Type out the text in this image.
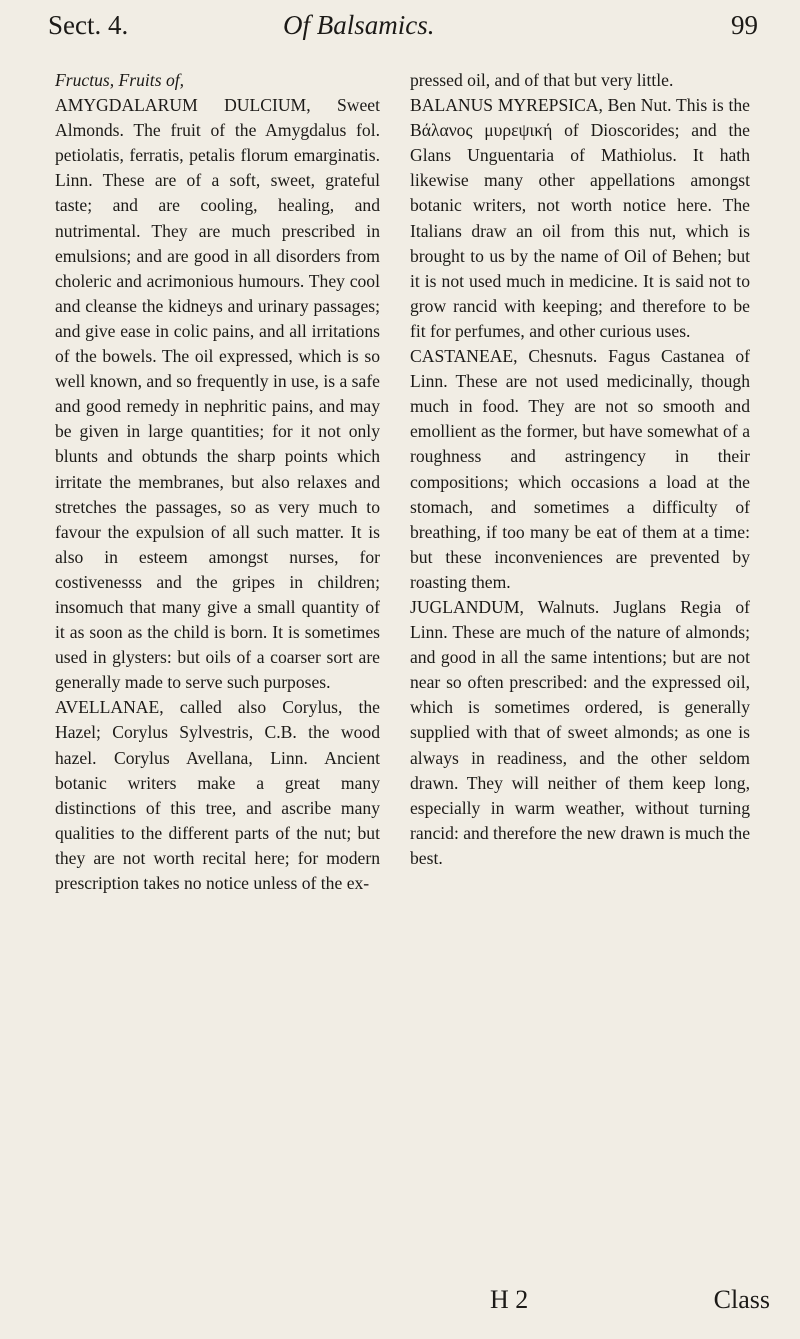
Sect. 4.	Of Balsamics.	99

Fructus, Fruits of,

AMYGDALARUM DULCIUM, Sweet Almonds. The fruit of the Amygdalus fol. petiolatis, ferratis, petalis florum emarginatis. Linn. These are of a soft, sweet, grateful taste; and are cooling, healing, and nutrimental. They are much prescribed in emulsions; and are good in all disorders from choleric and acrimonious humours. They cool and cleanse the kidneys and urinary passages; and give ease in colic pains, and all irritations of the bowels. The oil expressed, which is so well known, and so frequently in use, is a safe and good remedy in nephritic pains, and may be given in large quantities; for it not only blunts and obtunds the sharp points which irritate the membranes, but also relaxes and stretches the passages, so as very much to favour the expulsion of all such matter. It is also in esteem amongst nurses, for costivenesss and the gripes in children; insomuch that many give a small quantity of it as soon as the child is born. It is sometimes used in glysters: but oils of a coarser sort are generally made to serve such purposes.

AVELLANAE, called also Corylus, the Hazel; Corylus Sylvestris, C.B. the wood hazel. Corylus Avellana, Linn. Ancient botanic writers make a great many distinctions of this tree, and ascribe many qualities to the different parts of the nut; but they are not worth recital here; for modern prescription takes no notice unless of the ex-

pressed oil, and of that but very little.

BALANUS MYREPSICA, Ben Nut. This is the Βάλανος μυρεψική of Dioscorides; and the Glans Unguentaria of Mathiolus. It hath likewise many other appellations amongst botanic writers, not worth notice here. The Italians draw an oil from this nut, which is brought to us by the name of Oil of Behen; but it is not used much in medicine. It is said not to grow rancid with keeping; and therefore to be fit for perfumes, and other curious uses.

CASTANEAE, Chesnuts. Fagus Castanea of Linn. These are not used medicinally, though much in food. They are not so smooth and emollient as the former, but have somewhat of a roughness and astringency in their compositions; which occasions a load at the stomach, and sometimes a difficulty of breathing, if too many be eat of them at a time: but these inconveniences are prevented by roasting them.

JUGLANDUM, Walnuts. Juglans Regia of Linn. These are much of the nature of almonds; and good in all the same intentions; but are not near so often prescribed: and the expressed oil, which is sometimes ordered, is generally supplied with that of sweet almonds; as one is always in readiness, and the other seldom drawn. They will neither of them keep long, especially in warm weather, without turning rancid: and therefore the new drawn is much the best.

H 2	Class
